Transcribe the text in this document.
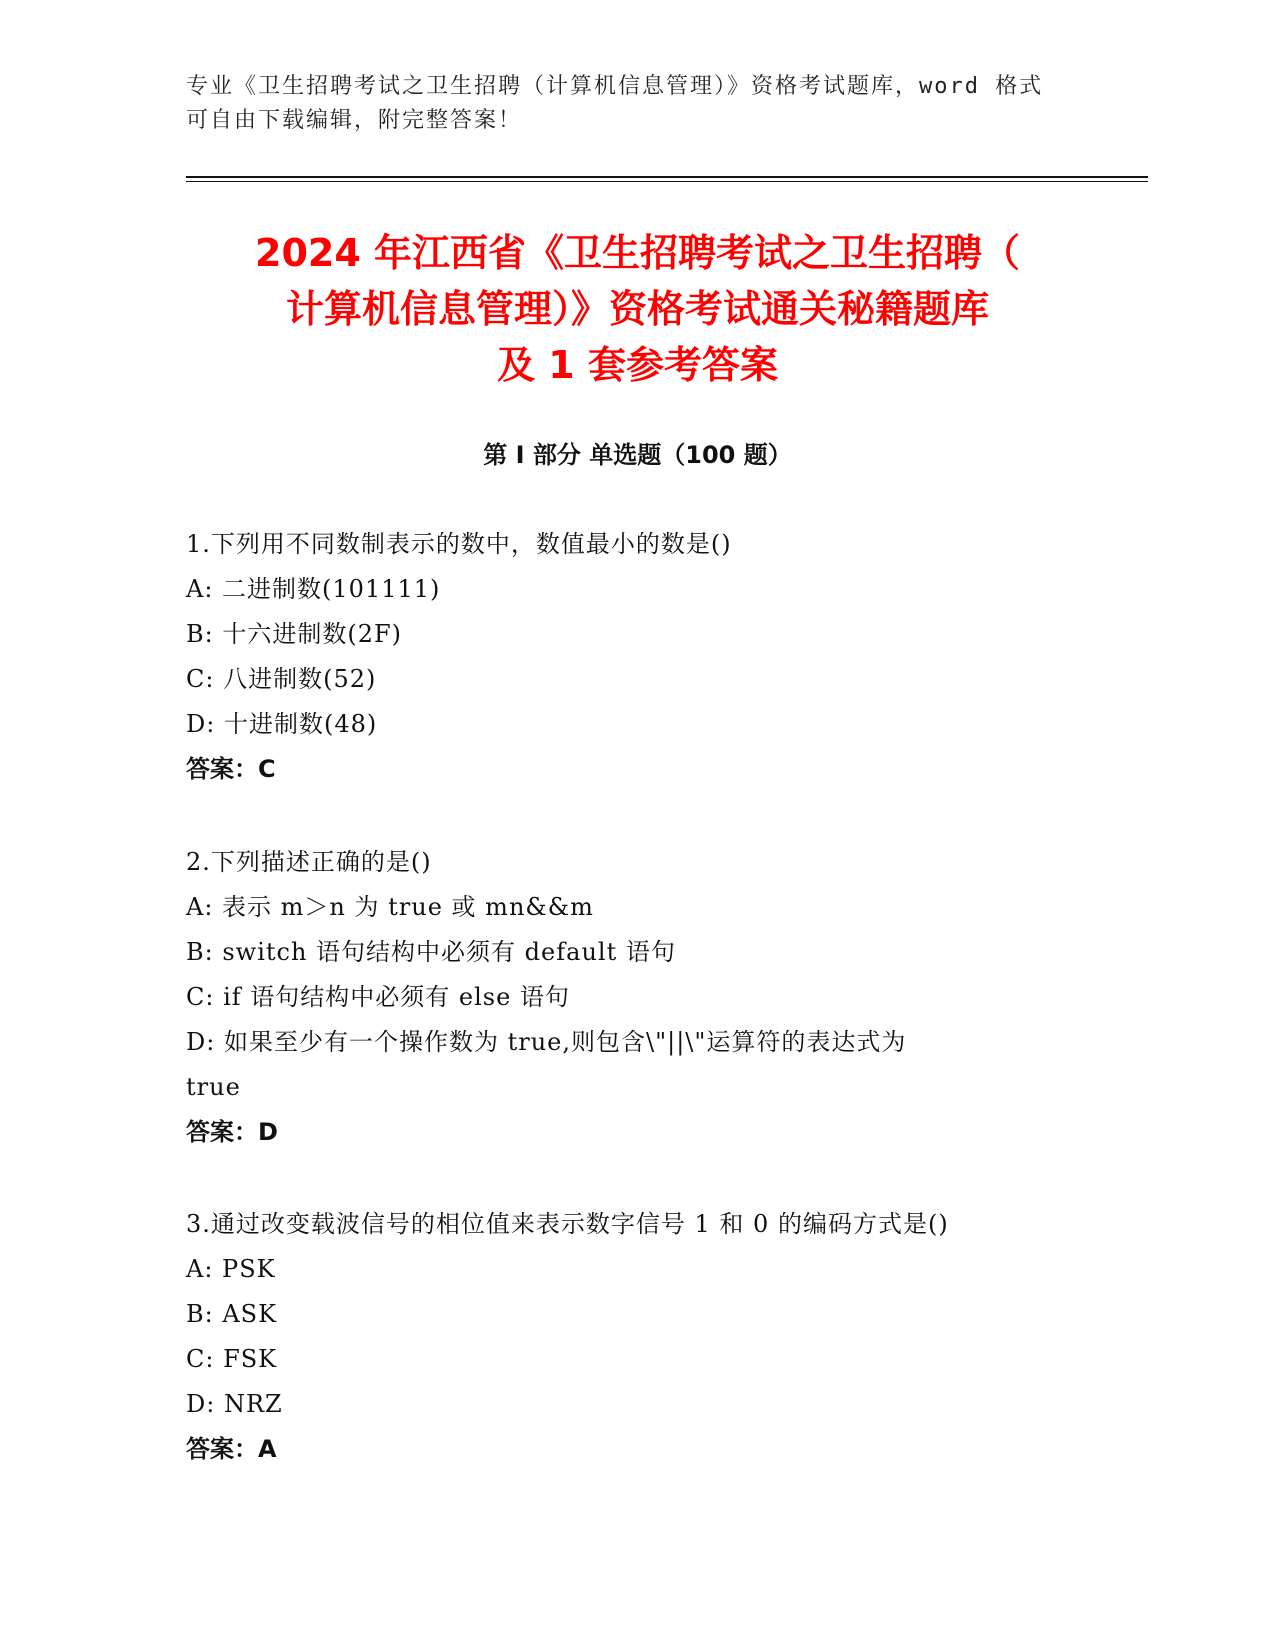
专业《卫生招聘考试之卫生招聘（计算机信息管理）》资格考试题库，word 格式
可自由下载编辑，附完整答案！
2024 年江西省《卫生招聘考试之卫生招聘（
计算机信息管理）》资格考试通关秘籍题库
及 1 套参考答案
第 I 部分 单选题（100 题）
1.下列用不同数制表示的数中，数值最小的数是()
A: 二进制数(101111)
B: 十六进制数(2F)
C: 八进制数(52)
D: 十进制数(48)
答案：C
2.下列描述正确的是()
A: 表示 m＞n 为 true 或 mn&&m
B: switch 语句结构中必须有 default 语句
C: if 语句结构中必须有 else 语句
D: 如果至少有一个操作数为 true,则包含\"||\"运算符的表达式为
true
答案：D
3.通过改变载波信号的相位值来表示数字信号 1 和 0 的编码方式是()
A: PSK
B: ASK
C: FSK
D: NRZ
答案：A
